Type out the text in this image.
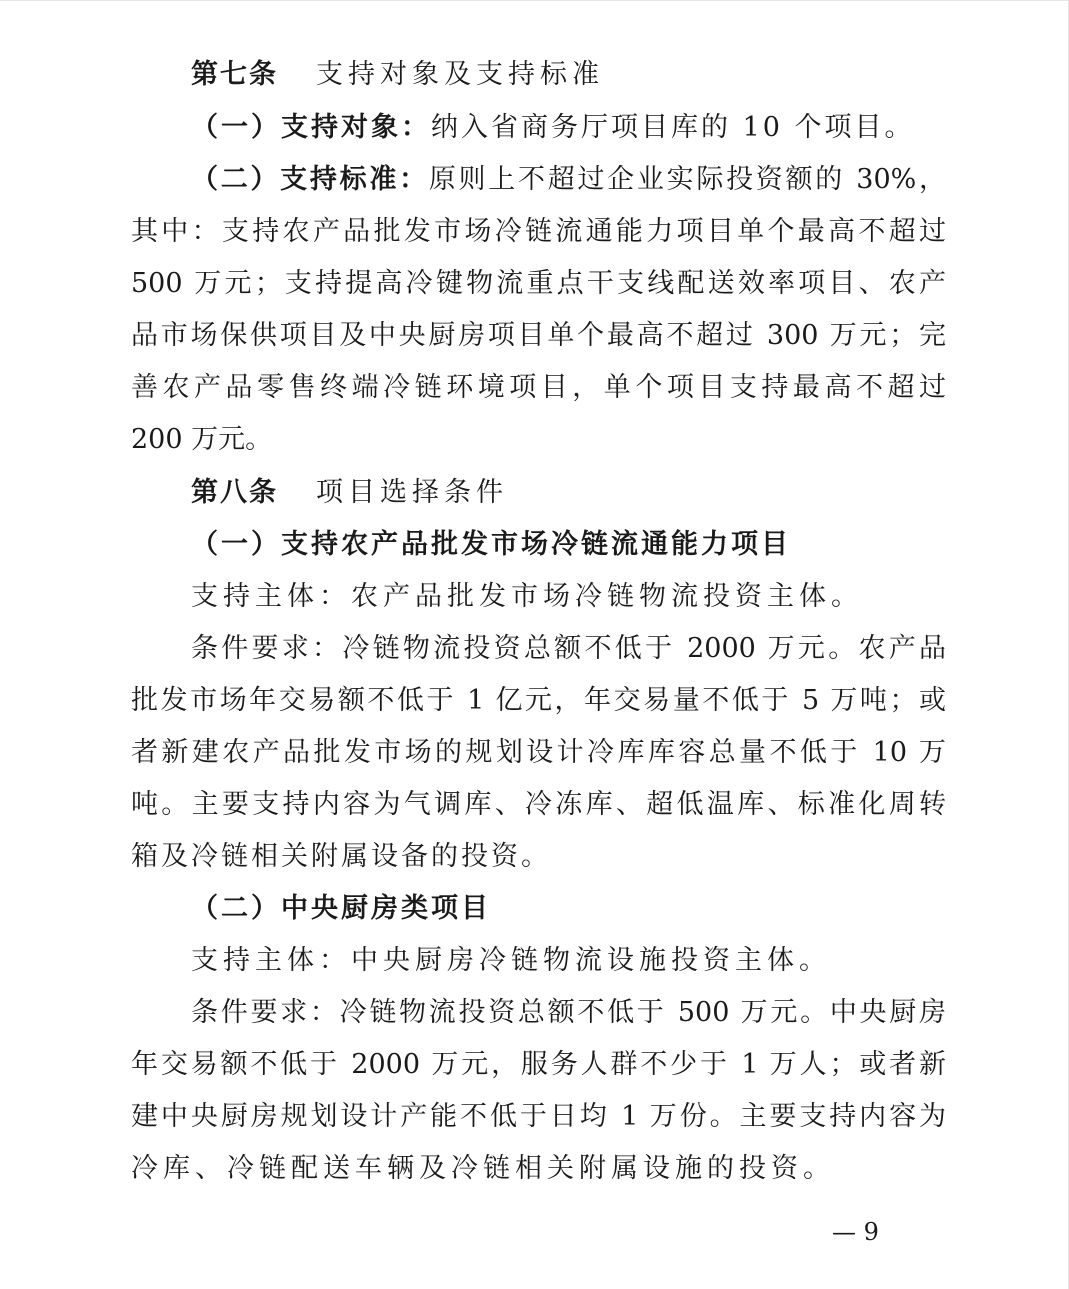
第七条 支持对象及支持标准
（一）支持对象：纳入省商务厅项目库的 10 个项目。
（二）支持标准：原则上不超过企业实际投资额的 30%，
其中：支持农产品批发市场冷链流通能力项目单个最高不超过
500 万元；支持提高冷键物流重点干支线配送效率项目、农产
品市场保供项目及中央厨房项目单个最高不超过 300 万元；完
善农产品零售终端冷链环境项目，单个项目支持最高不超过
200 万元。
第八条 项目选择条件
（一）支持农产品批发市场冷链流通能力项目
支持主体：农产品批发市场冷链物流投资主体。
条件要求：冷链物流投资总额不低于 2000 万元。农产品
批发市场年交易额不低于 1 亿元，年交易量不低于 5 万吨；或
者新建农产品批发市场的规划设计冷库库容总量不低于 10 万
吨。主要支持内容为气调库、冷冻库、超低温库、标准化周转
箱及冷链相关附属设备的投资。
（二）中央厨房类项目
支持主体：中央厨房冷链物流设施投资主体。
条件要求：冷链物流投资总额不低于 500 万元。中央厨房
年交易额不低于 2000 万元，服务人群不少于 1 万人；或者新
建中央厨房规划设计产能不低于日均 1 万份。主要支持内容为
冷库、冷链配送车辆及冷链相关附属设施的投资。
— 9
